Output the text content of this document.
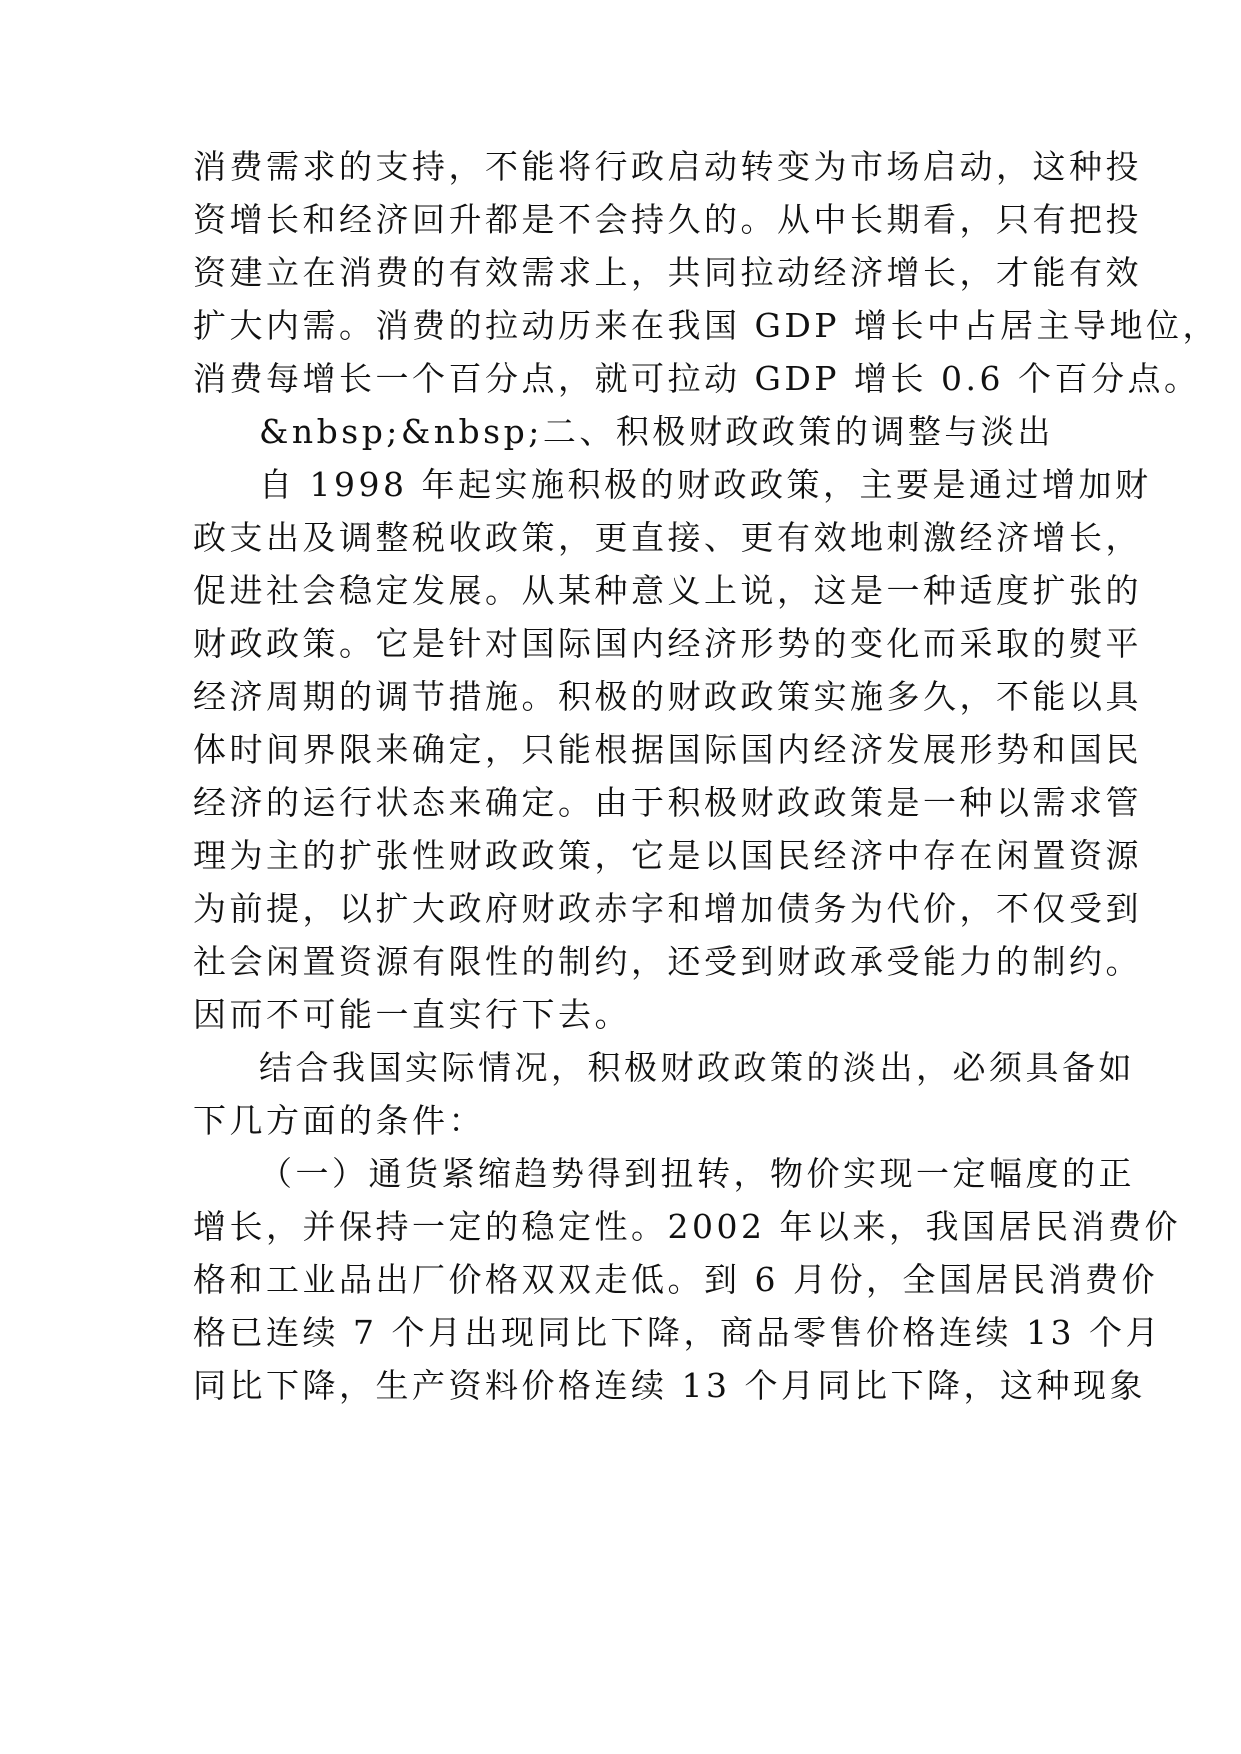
消费需求的支持，不能将行政启动转变为市场启动，这种投
资增长和经济回升都是不会持久的。从中长期看，只有把投
资建立在消费的有效需求上，共同拉动经济增长，才能有效
扩大内需。消费的拉动历来在我国 GDP 增长中占居主导地位，
消费每增长一个百分点，就可拉动 GDP 增长 0.6 个百分点。
&nbsp;&nbsp;二、积极财政政策的调整与淡出
自 1998 年起实施积极的财政政策，主要是通过增加财
政支出及调整税收政策，更直接、更有效地刺激经济增长，
促进社会稳定发展。从某种意义上说，这是一种适度扩张的
财政政策。它是针对国际国内经济形势的变化而采取的熨平
经济周期的调节措施。积极的财政政策实施多久，不能以具
体时间界限来确定，只能根据国际国内经济发展形势和国民
经济的运行状态来确定。由于积极财政政策是一种以需求管
理为主的扩张性财政政策，它是以国民经济中存在闲置资源
为前提，以扩大政府财政赤字和增加债务为代价，不仅受到
社会闲置资源有限性的制约，还受到财政承受能力的制约。
因而不可能一直实行下去。
结合我国实际情况，积极财政政策的淡出，必须具备如
下几方面的条件：
（一）通货紧缩趋势得到扭转，物价实现一定幅度的正
增长，并保持一定的稳定性。2002 年以来，我国居民消费价
格和工业品出厂价格双双走低。到 6 月份，全国居民消费价
格已连续 7 个月出现同比下降，商品零售价格连续 13 个月
同比下降，生产资料价格连续 13 个月同比下降，这种现象
